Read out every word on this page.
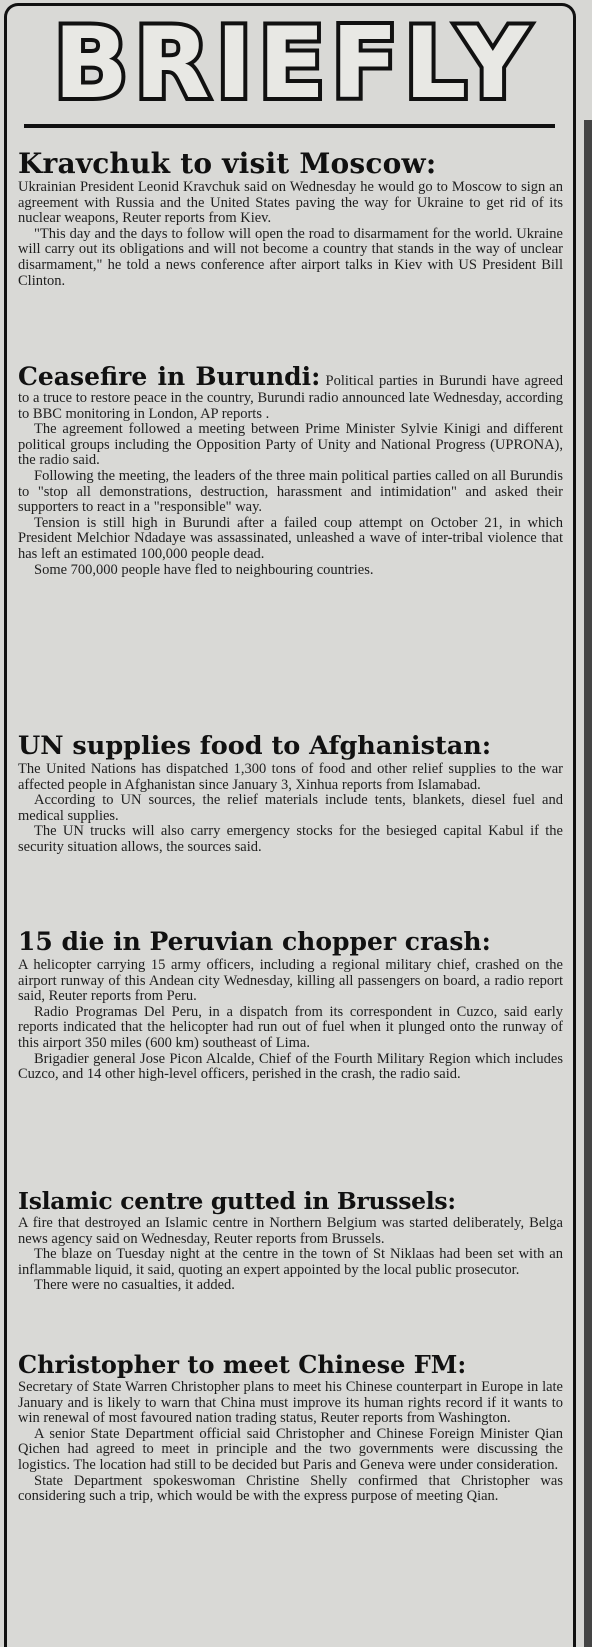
BRIEFLY
Kravchuk to visit Moscow:

Ukrainian President Leonid Kravchuk said on Wednesday he would go to Moscow to sign an agreement with Russia and the United States paving the way for Ukraine to get rid of its nuclear weapons, Reuter reports from Kiev.

"This day and the days to follow will open the road to disarmament for the world. Ukraine will carry out its obligations and will not become a country that stands in the way of unclear disarmament," he told a news conference after airport talks in Kiev with US President Bill Clinton.

Ceasefire in Burundi: Political parties in Burundi have agreed to a truce to restore peace in the country, Burundi radio announced late Wednesday, according to BBC monitoring in London, AP reports .

The agreement followed a meeting between Prime Minister Sylvie Kinigi and different political groups including the Opposition Party of Unity and National Progress (UPRONA), the radio said.

Following the meeting, the leaders of the three main political parties called on all Burundis to "stop all demonstrations, destruction, harassment and intimidation" and asked their supporters to react in a "responsible" way.

Tension is still high in Burundi after a failed coup attempt on October 21, in which President Melchior Ndadaye was assassinated, unleashed a wave of inter-tribal violence that has left an estimated 100,000 people dead.

Some 700,000 people have fled to neighbouring countries.

UN supplies food to Afghanistan:

The United Nations has dispatched 1,300 tons of food and other relief supplies to the war affected people in Afghanistan since January 3, Xinhua reports from Islamabad.

According to UN sources, the relief materials include tents, blankets, diesel fuel and medical supplies.

The UN trucks will also carry emergency stocks for the besieged capital Kabul if the security situation allows, the sources said.

15 die in Peruvian chopper crash:

A helicopter carrying 15 army officers, including a regional military chief, crashed on the airport runway of this Andean city Wednesday, killing all passengers on board, a radio report said, Reuter reports from Peru.

Radio Programas Del Peru, in a dispatch from its correspondent in Cuzco, said early reports indicated that the helicopter had run out of fuel when it plunged onto the runway of this airport 350 miles (600 km) southeast of Lima.

Brigadier general Jose Picon Alcalde, Chief of the Fourth Military Region which includes Cuzco, and 14 other high-level officers, perished in the crash, the radio said.

Islamic centre gutted in Brussels:

A fire that destroyed an Islamic centre in Northern Belgium was started deliberately, Belga news agency said on Wednesday, Reuter reports from Brussels.

The blaze on Tuesday night at the centre in the town of St Niklaas had been set with an inflammable liquid, it said, quoting an expert appointed by the local public prosecutor.

There were no casualties, it added.

Christopher to meet Chinese FM:

Secretary of State Warren Christopher plans to meet his Chinese counterpart in Europe in late January and is likely to warn that China must improve its human rights record if it wants to win renewal of most favoured nation trading status, Reuter reports from Washington.

A senior State Department official said Christopher and Chinese Foreign Minister Qian Qichen had agreed to meet in principle and the two governments were discussing the logistics. The location had still to be decided but Paris and Geneva were under consideration.

State Department spokeswoman Christine Shelly confirmed that Christopher was considering such a trip, which would be with the express purpose of meeting Qian.
